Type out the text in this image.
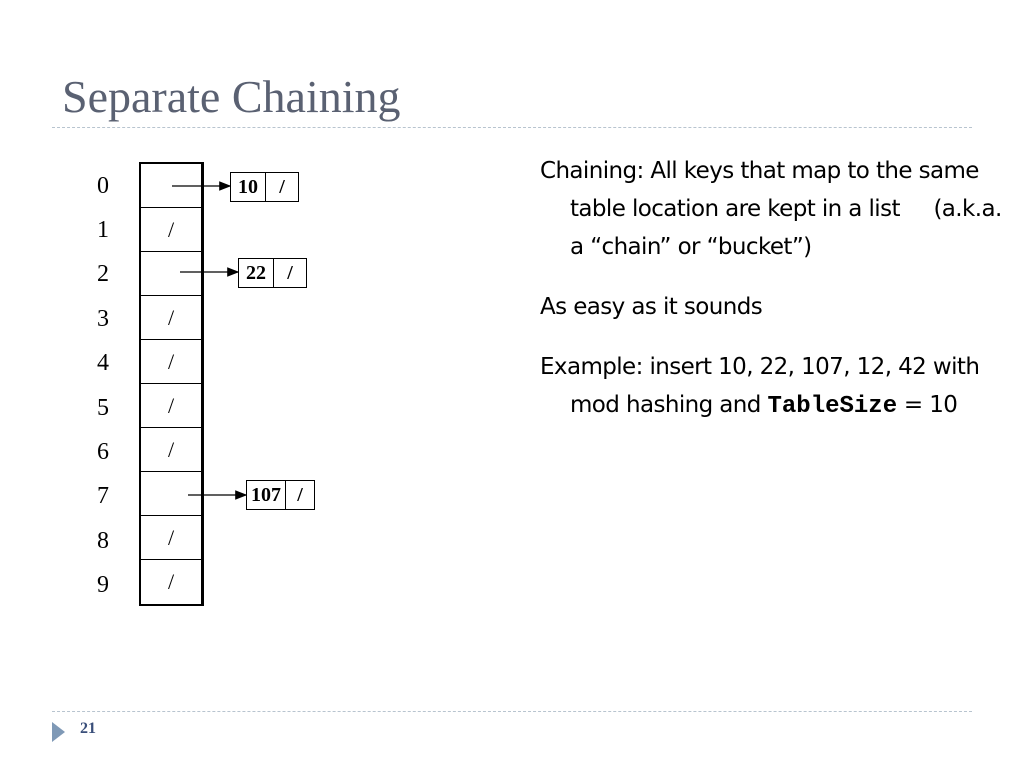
Separate Chaining
0
1
2
3
4
5
6
7
8
9
/
/
/
/
/
/
/
10	/
22	/
107 /

Chaining: All keys that map to the same table location are kept in a list     (a.k.a. a “chain” or “bucket”)

As easy as it sounds

Example: insert 10, 22, 107, 12, 42 with mod hashing and TableSize = 10

21
